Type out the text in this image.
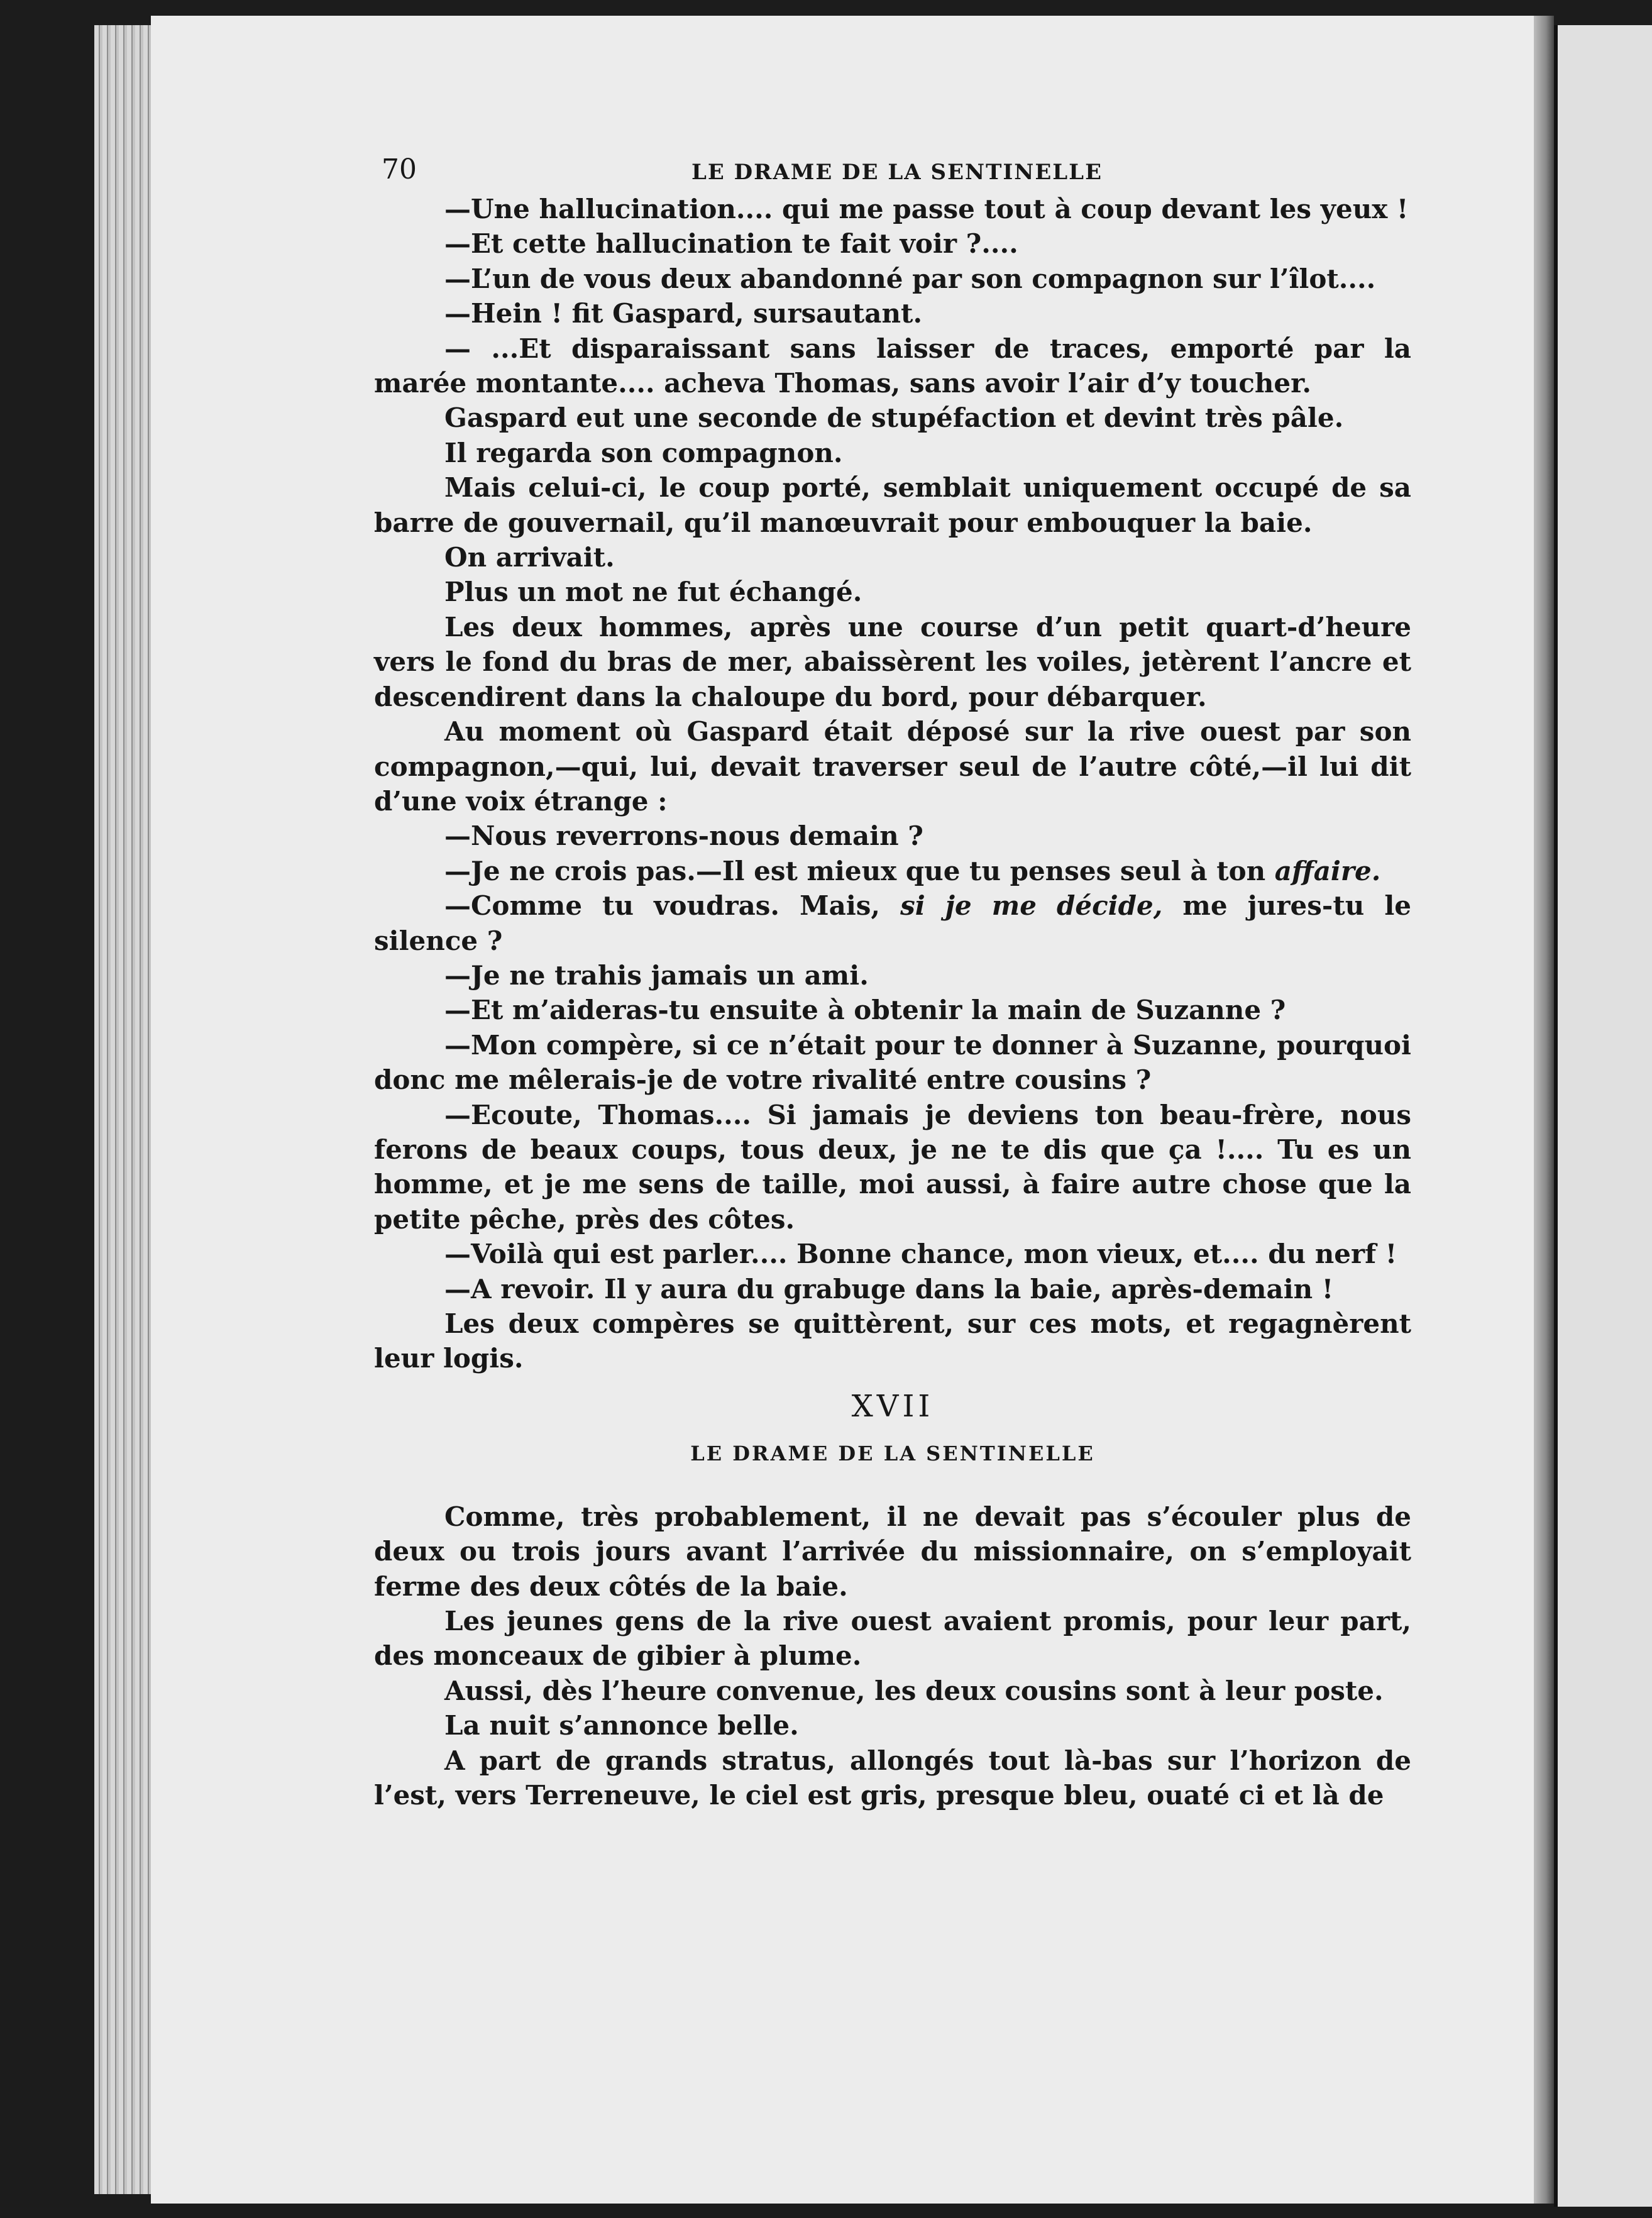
70	LE DRAME DE LA SENTINELLE

—Une hallucination.... qui me passe tout à coup devant les yeux !

—Et cette hallucination te fait voir ?....

—L’un de vous deux abandonné par son compagnon sur l’îlot....

—Hein ! fit Gaspard, sursautant.

— ...Et disparaissant sans laisser de traces, emporté par la marée montante.... acheva Thomas, sans avoir l’air d’y toucher.

Gaspard eut une seconde de stupéfaction et devint très pâle.

Il regarda son compagnon.

Mais celui-ci, le coup porté, semblait uniquement occupé de sa barre de gouvernail, qu’il manœuvrait pour embouquer la baie.

On arrivait.

Plus un mot ne fut échangé.

Les deux hommes, après une course d’un petit quart-d’heure vers le fond du bras de mer, abaissèrent les voiles, jetèrent l’ancre et descendirent dans la chaloupe du bord, pour débarquer.

Au moment où Gaspard était déposé sur la rive ouest par son compagnon,—qui, lui, devait traverser seul de l’autre côté,—il lui dit d’une voix étrange :

—Nous reverrons-nous demain ?

—Je ne crois pas.—Il est mieux que tu penses seul à ton affaire.

—Comme tu voudras. Mais, si je me décide, me jures-tu le silence ?

—Je ne trahis jamais un ami.

—Et m’aideras-tu ensuite à obtenir la main de Suzanne ?

—Mon compère, si ce n’était pour te donner à Suzanne, pourquoi donc me mêlerais-je de votre rivalité entre cousins ?

—Ecoute, Thomas.... Si jamais je deviens ton beau-frère, nous ferons de beaux coups, tous deux, je ne te dis que ça !.... Tu es un homme, et je me sens de taille, moi aussi, à faire autre chose que la petite pêche, près des côtes.

—Voilà qui est parler.... Bonne chance, mon vieux, et.... du nerf !

—A revoir. Il y aura du grabuge dans la baie, après-demain !

Les deux compères se quittèrent, sur ces mots, et regagnèrent leur logis.

XVII
LE DRAME DE LA SENTINELLE

Comme, très probablement, il ne devait pas s’écouler plus de deux ou trois jours avant l’arrivée du missionnaire, on s’employait ferme des deux côtés de la baie.

Les jeunes gens de la rive ouest avaient promis, pour leur part, des monceaux de gibier à plume.

Aussi, dès l’heure convenue, les deux cousins sont à leur poste.

La nuit s’annonce belle.

A part de grands stratus, allongés tout là-bas sur l’horizon de l’est, vers Terreneuve, le ciel est gris, presque bleu, ouaté ci et là de
